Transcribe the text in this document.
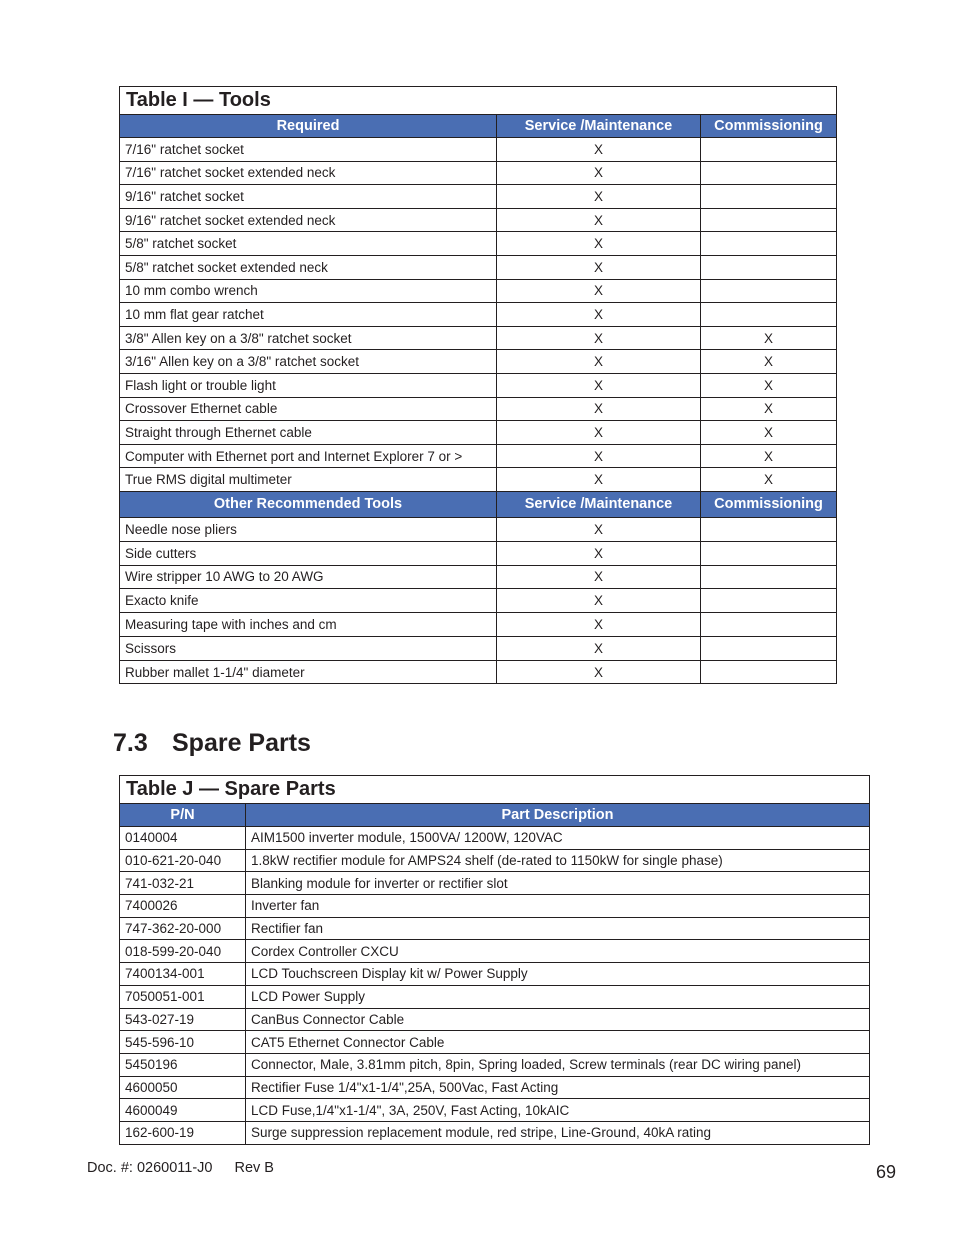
Table I — Tools		
Required	Service /Maintenance	Commissioning
7/16" ratchet socket	X	
7/16" ratchet socket extended neck	X	
9/16" ratchet socket	X	
9/16" ratchet socket extended neck	X	
5/8" ratchet socket	X	
5/8" ratchet socket extended neck	X	
10 mm combo wrench	X	
10 mm flat gear ratchet	X	
3/8" Allen key on a 3/8" ratchet socket	X	X
3/16" Allen key on a 3/8" ratchet socket	X	X
Flash light or trouble light	X	X
Crossover Ethernet cable	X	X
Straight through Ethernet cable	X	X
Computer with Ethernet port and Internet Explorer 7 or >	X	X
True RMS digital multimeter	X	X
Other Recommended Tools	Service /Maintenance	Commissioning
Needle nose pliers	X	
Side cutters	X	
Wire stripper 10 AWG to 20 AWG	X	
Exacto knife	X	
Measuring tape with inches and cm	X	
Scissors	X	
Rubber mallet 1-1/4" diameter	X	
7.3 Spare Parts
Table J — Spare Parts	
P/N	Part Description
0140004	AIM1500 inverter module, 1500VA/ 1200W, 120VAC
010-621-20-040	1.8kW rectifier module for AMPS24 shelf (de-rated to 1150kW for single phase)
741-032-21	Blanking module for inverter or rectifier slot
7400026	Inverter fan
747-362-20-000	Rectifier fan
018-599-20-040	Cordex Controller CXCU
7400134-001	LCD Touchscreen Display kit w/ Power Supply
7050051-001	LCD Power Supply
543-027-19	CanBus Connector Cable
545-596-10	CAT5 Ethernet Connector Cable
5450196	Connector, Male, 3.81mm pitch, 8pin, Spring loaded, Screw terminals (rear DC wiring panel)
4600050	Rectifier Fuse 1/4"x1-1/4",25A, 500Vac, Fast Acting
4600049	LCD Fuse,1/4"x1-1/4", 3A, 250V, Fast Acting, 10kAIC
162-600-19	Surge suppression replacement module, red stripe, Line-Ground, 40kA rating
Doc. #: 0260011-J0 Rev B	69
